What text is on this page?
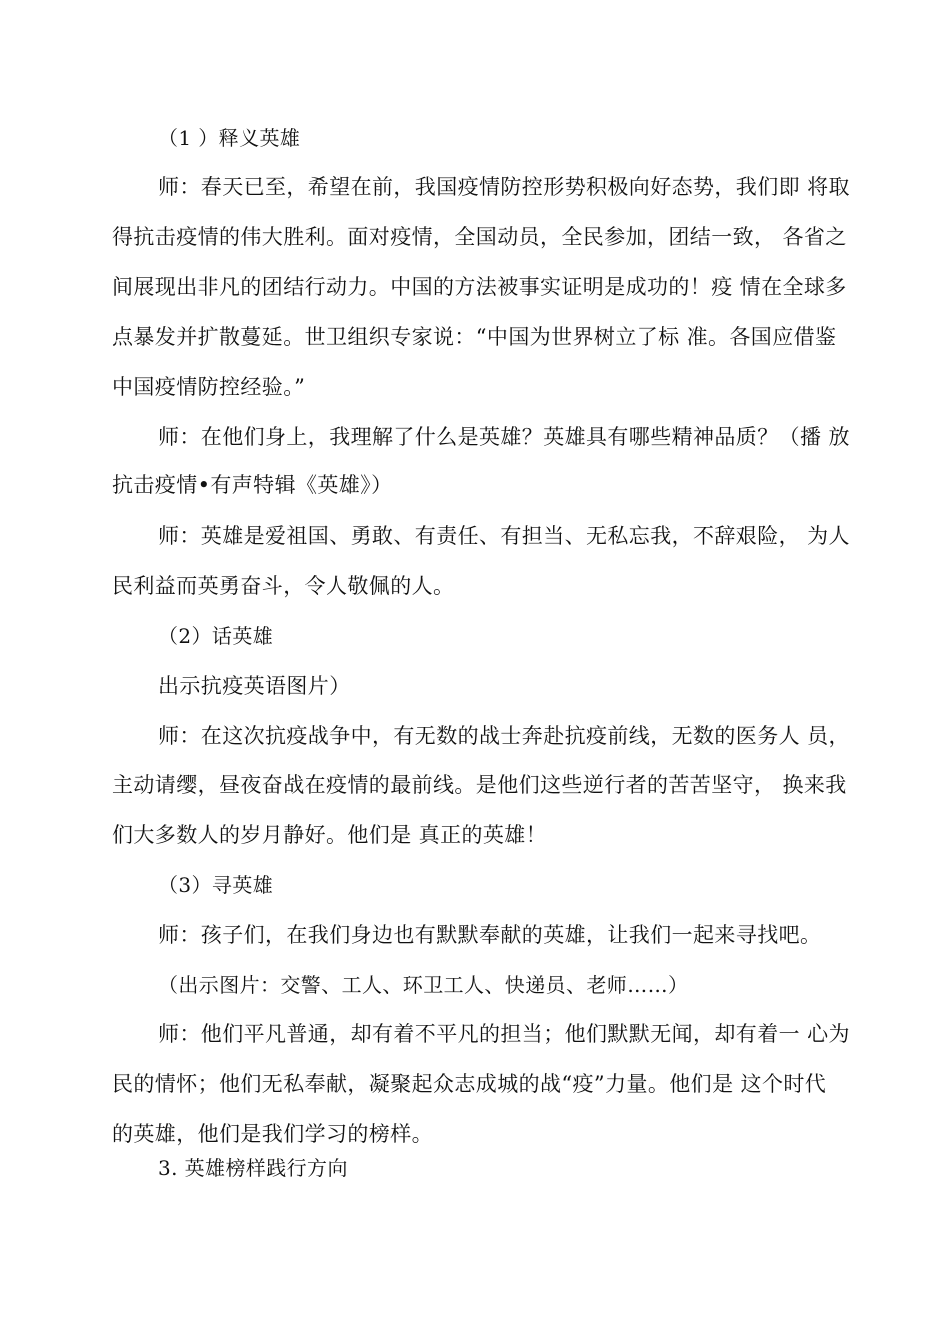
（1 ）释义英雄
师：春天已至，希望在前，我国疫情防控形势积极向好态势，我们即 将取
得抗击疫情的伟大胜利。面对疫情，全国动员，全民参加，团结一致， 各省之
间展现出非凡的团结行动力。中国的方法被事实证明是成功的！疫 情在全球多
点暴发并扩散蔓延。世卫组织专家说：“中国为世界树立了标 准。各国应借鉴
中国疫情防控经验。”
师：在他们身上，我理解了什么是英雄？英雄具有哪些精神品质？（播 放
抗击疫情•有声特辑《英雄》）
师：英雄是爱祖国、勇敢、有责任、有担当、无私忘我，不辞艰险， 为人
民利益而英勇奋斗，令人敬佩的人。
（2）话英雄
出示抗疫英语图片）
师：在这次抗疫战争中，有无数的战士奔赴抗疫前线，无数的医务人 员，
主动请缨，昼夜奋战在疫情的最前线。是他们这些逆行者的苦苦坚守， 换来我
们大多数人的岁月静好。他们是 真正的英雄！
（3）寻英雄
师：孩子们，在我们身边也有默默奉献的英雄，让我们一起来寻找吧。
（出示图片：交警、工人、环卫工人、快递员、老师……）
师：他们平凡普通，却有着不平凡的担当；他们默默无闻，却有着一 心为
民的情怀；他们无私奉献，凝聚起众志成城的战“疫”力量。他们是 这个时代
的英雄，他们是我们学习的榜样。
3. 英雄榜样践行方向
